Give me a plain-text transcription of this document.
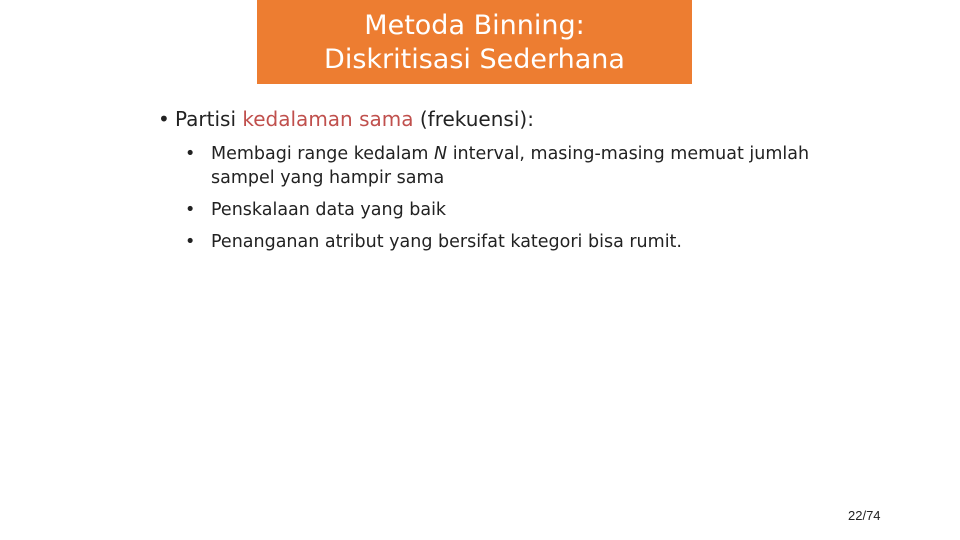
Metoda Binning:
Diskritisasi Sederhana
• Partisi kedalaman sama (frekuensi):
• Membagi range kedalam N interval, masing-masing memuat jumlah sampel yang hampir sama
• Penskalaan data yang baik
• Penanganan atribut yang bersifat kategori bisa rumit.
22/74
